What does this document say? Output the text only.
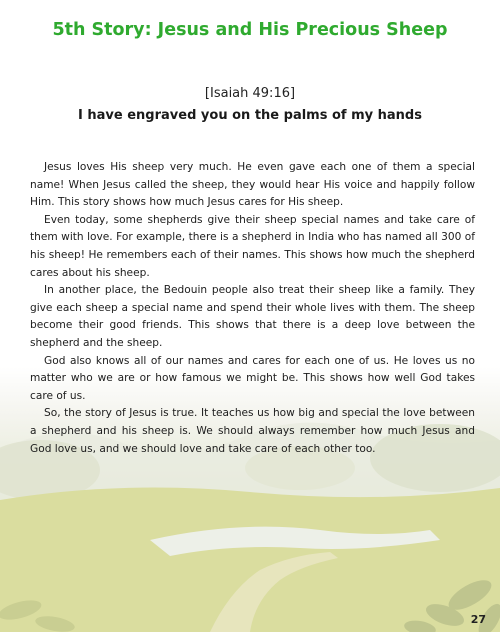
5th Story: Jesus and His Precious Sheep
[Isaiah 49:16]
I have engraved you on the palms of my hands

Jesus loves His sheep very much. He even gave each one of them a special name! When Jesus called the sheep, they would hear His voice and happily follow Him. This story shows how much Jesus cares for His sheep.

Even today, some shepherds give their sheep special names and take care of them with love. For example, there is a shepherd in India who has named all 300 of his sheep! He remembers each of their names. This shows how much the shepherd cares about his sheep.

In another place, the Bedouin people also treat their sheep like a family. They give each sheep a special name and spend their whole lives with them. The sheep become their good friends. This shows that there is a deep love between the shepherd and the sheep.

God also knows all of our names and cares for each one of us. He loves us no matter who we are or how famous we might be. This shows how well God takes care of us.

So, the story of Jesus is true. It teaches us how big and special the love between a shepherd and his sheep is. We should always remember how much Jesus and God love us, and we should love and take care of each other too.

27
